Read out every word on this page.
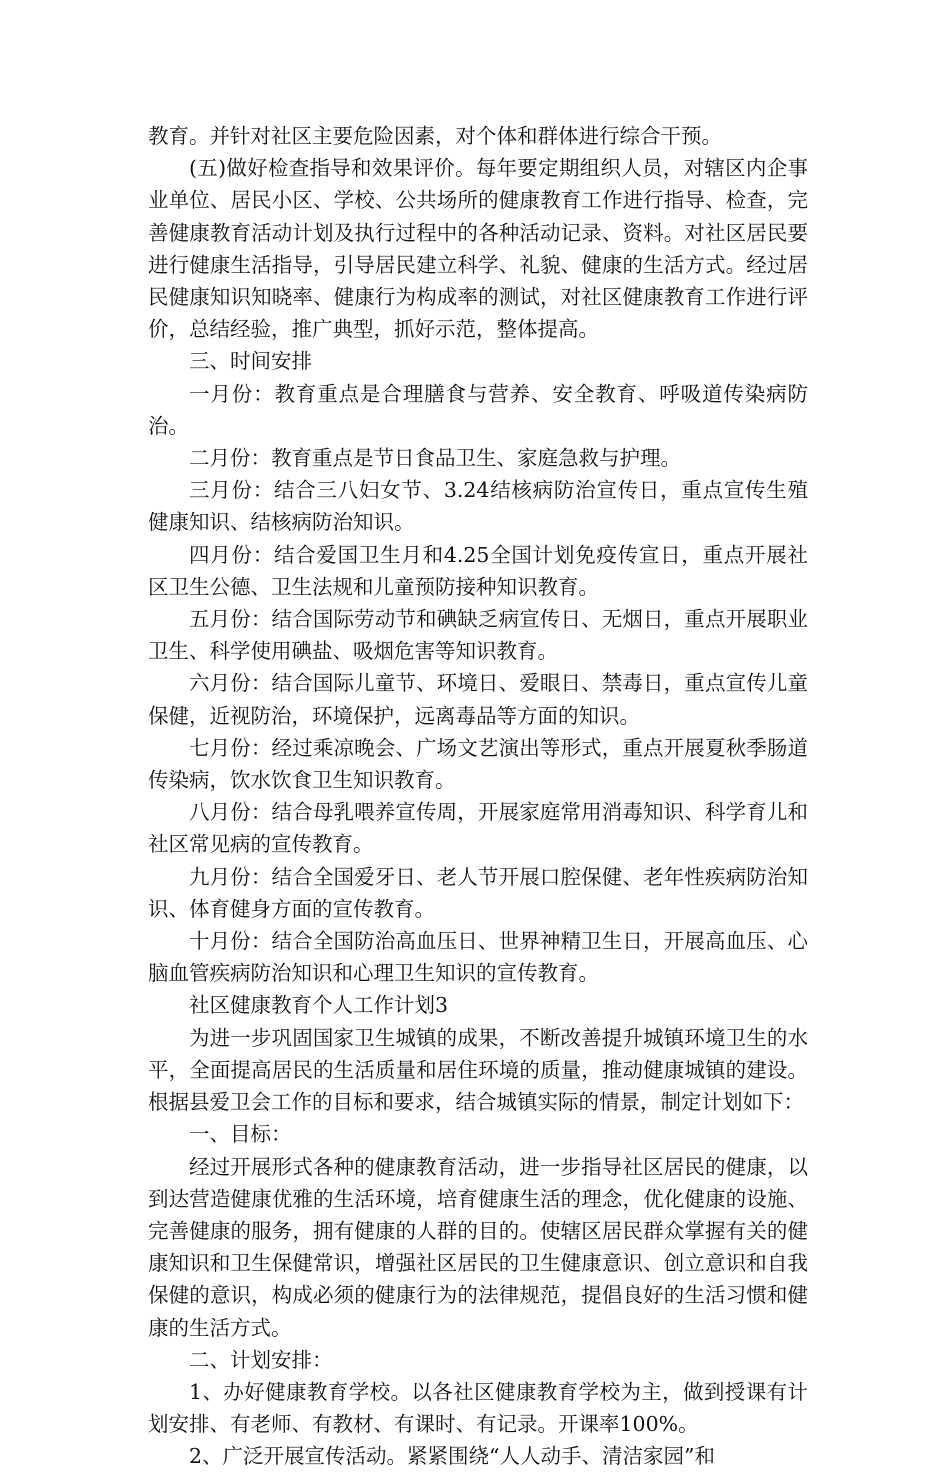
教育。并针对社区主要危险因素，对个体和群体进行综合干预。

(五)做好检查指导和效果评价。每年要定期组织人员，对辖区内企事业单位、居民小区、学校、公共场所的健康教育工作进行指导、检查，完善健康教育活动计划及执行过程中的各种活动记录、资料。对社区居民要进行健康生活指导，引导居民建立科学、礼貌、健康的生活方式。经过居民健康知识知晓率、健康行为构成率的测试，对社区健康教育工作进行评价，总结经验，推广典型，抓好示范，整体提高。

三、时间安排

一月份：教育重点是合理膳食与营养、安全教育、呼吸道传染病防治。

二月份：教育重点是节日食品卫生、家庭急救与护理。

三月份：结合三八妇女节、3.24结核病防治宣传日，重点宣传生殖健康知识、结核病防治知识。

四月份：结合爱国卫生月和4.25全国计划免疫传宣日，重点开展社区卫生公德、卫生法规和儿童预防接种知识教育。

五月份：结合国际劳动节和碘缺乏病宣传日、无烟日，重点开展职业卫生、科学使用碘盐、吸烟危害等知识教育。

六月份：结合国际儿童节、环境日、爱眼日、禁毒日，重点宣传儿童保健，近视防治，环境保护，远离毒品等方面的知识。

七月份：经过乘凉晚会、广场文艺演出等形式，重点开展夏秋季肠道传染病，饮水饮食卫生知识教育。

八月份：结合母乳喂养宣传周，开展家庭常用消毒知识、科学育儿和社区常见病的宣传教育。

九月份：结合全国爱牙日、老人节开展口腔保健、老年性疾病防治知识、体育健身方面的宣传教育。

十月份：结合全国防治高血压日、世界神精卫生日，开展高血压、心脑血管疾病防治知识和心理卫生知识的宣传教育。

社区健康教育个人工作计划3

为进一步巩固国家卫生城镇的成果，不断改善提升城镇环境卫生的水平，全面提高居民的生活质量和居住环境的质量，推动健康城镇的建设。根据县爱卫会工作的目标和要求，结合城镇实际的情景，制定计划如下：

一、目标：

经过开展形式各种的健康教育活动，进一步指导社区居民的健康，以到达营造健康优雅的生活环境，培育健康生活的理念，优化健康的设施、完善健康的服务，拥有健康的人群的目的。使辖区居民群众掌握有关的健康知识和卫生保健常识，增强社区居民的卫生健康意识、创立意识和自我保健的意识，构成必须的健康行为的法律规范，提倡良好的生活习惯和健康的生活方式。

二、计划安排：

1、办好健康教育学校。以各社区健康教育学校为主，做到授课有计划安排、有老师、有教材、有课时、有记录。开课率100%。

2、广泛开展宣传活动。紧紧围绕“人人动手、清洁家园”和
